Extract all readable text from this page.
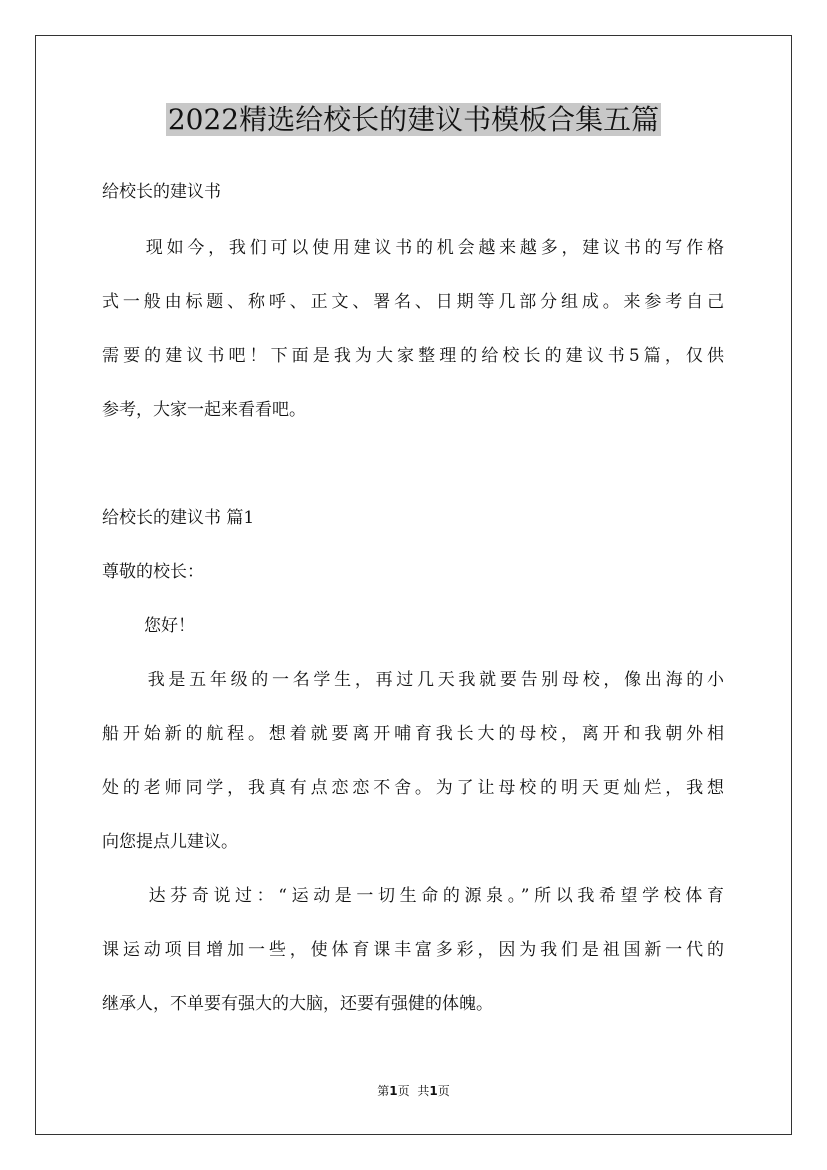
2022精选给校长的建议书模板合集五篇
给校长的建议书
现如今，我们可以使用建议书的机会越来越多，建议书的写作格
式一般由标题、称呼、正文、署名、日期等几部分组成。来参考自己
需要的建议书吧！下面是我为大家整理的给校长的建议书5篇，仅供
参考，大家一起来看看吧。
给校长的建议书 篇1
尊敬的校长：
您好！
我是五年级的一名学生，再过几天我就要告别母校，像出海的小
船开始新的航程。想着就要离开哺育我长大的母校，离开和我朝外相
处的老师同学，我真有点恋恋不舍。为了让母校的明天更灿烂，我想
向您提点儿建议。
达芬奇说过：“运动是一切生命的源泉。”所以我希望学校体育
课运动项目增加一些，使体育课丰富多彩，因为我们是祖国新一代的
继承人，不单要有强大的大脑，还要有强健的体魄。
第1页 共1页
